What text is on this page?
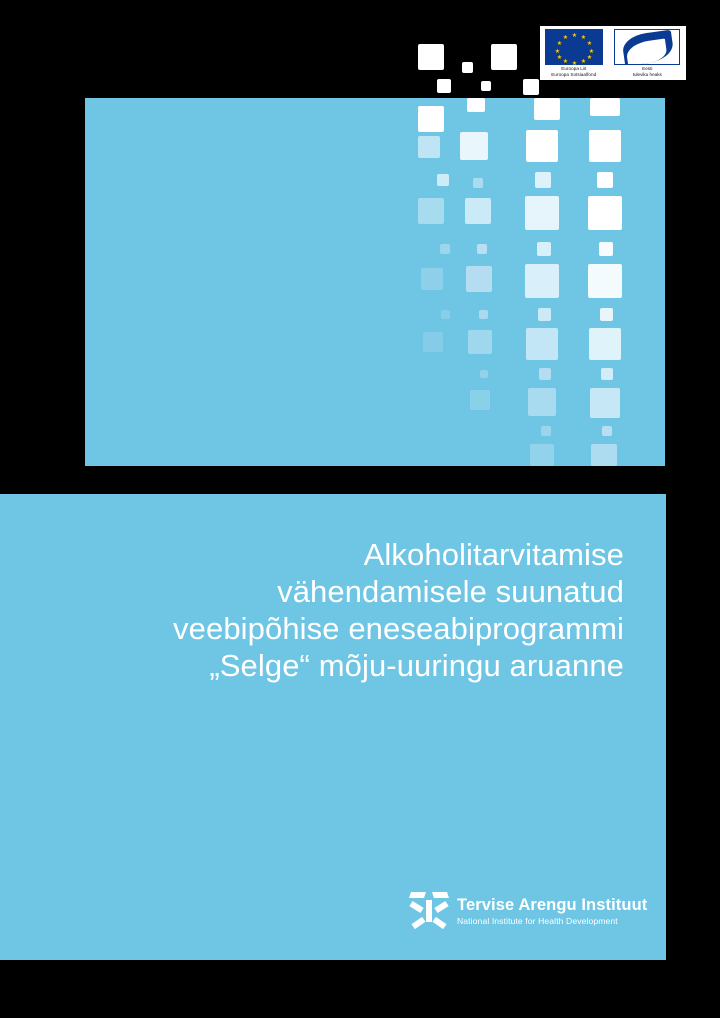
★ ★
★
★
★
★
★
★
★
★
★
★
Euroopa Liit
Euroopa Sotsiaalfond
Eesti
tuleviku heaks
Alkoholitarvitamise
vähendamisele suunatud
veebipõhise eneseabiprogrammi
„Selge“ mõju-uuringu aruanne
Tervise Arengu Instituut
National Institute for Health Development
